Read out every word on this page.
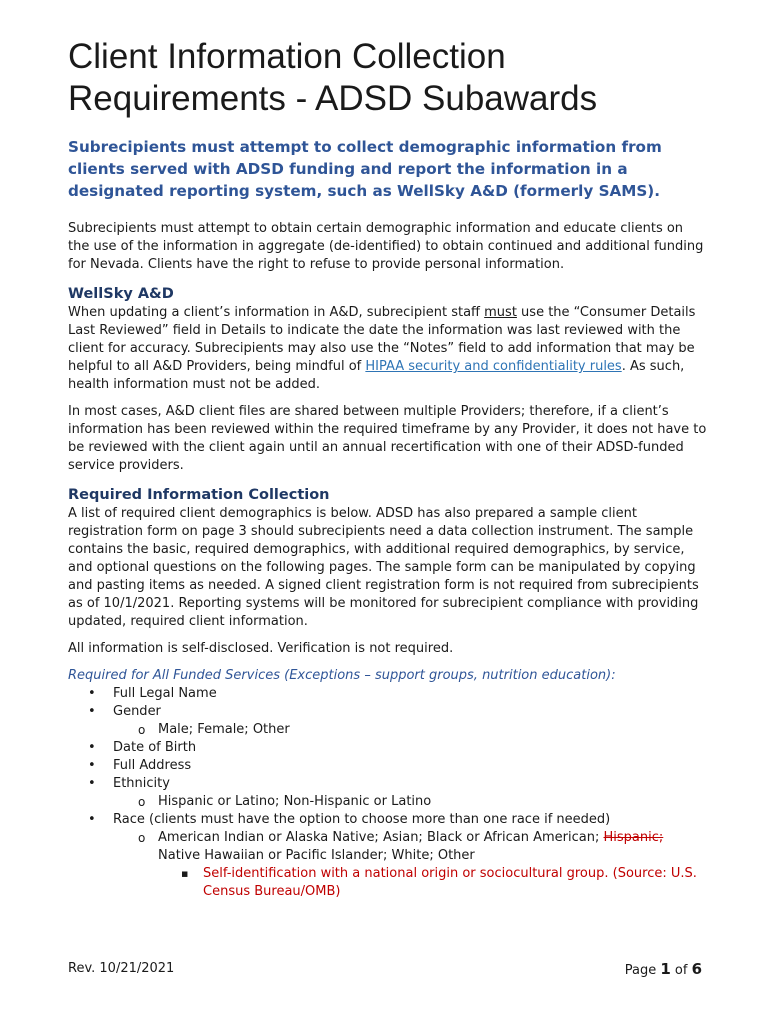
Client Information Collection
Requirements - ADSD Subawards
Subrecipients must attempt to collect demographic information from clients served with ADSD funding and report the information in a designated reporting system, such as WellSky A&D (formerly SAMS).

Subrecipients must attempt to obtain certain demographic information and educate clients on the use of the information in aggregate (de-identified) to obtain continued and additional funding for Nevada. Clients have the right to refuse to provide personal information.

WellSky A&D

When updating a client’s information in A&D, subrecipient staff must use the “Consumer Details Last Reviewed” field in Details to indicate the date the information was last reviewed with the client for accuracy. Subrecipients may also use the “Notes” field to add information that may be helpful to all A&D Providers, being mindful of HIPAA security and confidentiality rules. As such, health information must not be added.

In most cases, A&D client files are shared between multiple Providers; therefore, if a client’s information has been reviewed within the required timeframe by any Provider, it does not have to be reviewed with the client again until an annual recertification with one of their ADSD-funded service providers.

Required Information Collection

A list of required client demographics is below. ADSD has also prepared a sample client registration form on page 3 should subrecipients need a data collection instrument. The sample contains the basic, required demographics, with additional required demographics, by service, and optional questions on the following pages. The sample form can be manipulated by copying and pasting items as needed. A signed client registration form is not required from subrecipients as of 10/1/2021. Reporting systems will be monitored for subrecipient compliance with providing updated, required client information.

All information is self-disclosed. Verification is not required.

Required for All Funded Services (Exceptions – support groups, nutrition education):
• Full Legal Name
• Gender
o Male; Female; Other
• Date of Birth
• Full Address
• Ethnicity
o Hispanic or Latino; Non-Hispanic or Latino
• Race (clients must have the option to choose more than one race if needed)
o American Indian or Alaska Native; Asian; Black or African American; Hispanic; Native Hawaiian or Pacific Islander; White; Other
▪ Self-identification with a national origin or sociocultural group. (Source: U.S. Census Bureau/OMB)
Rev. 10/21/2021	Page 1 of 6
